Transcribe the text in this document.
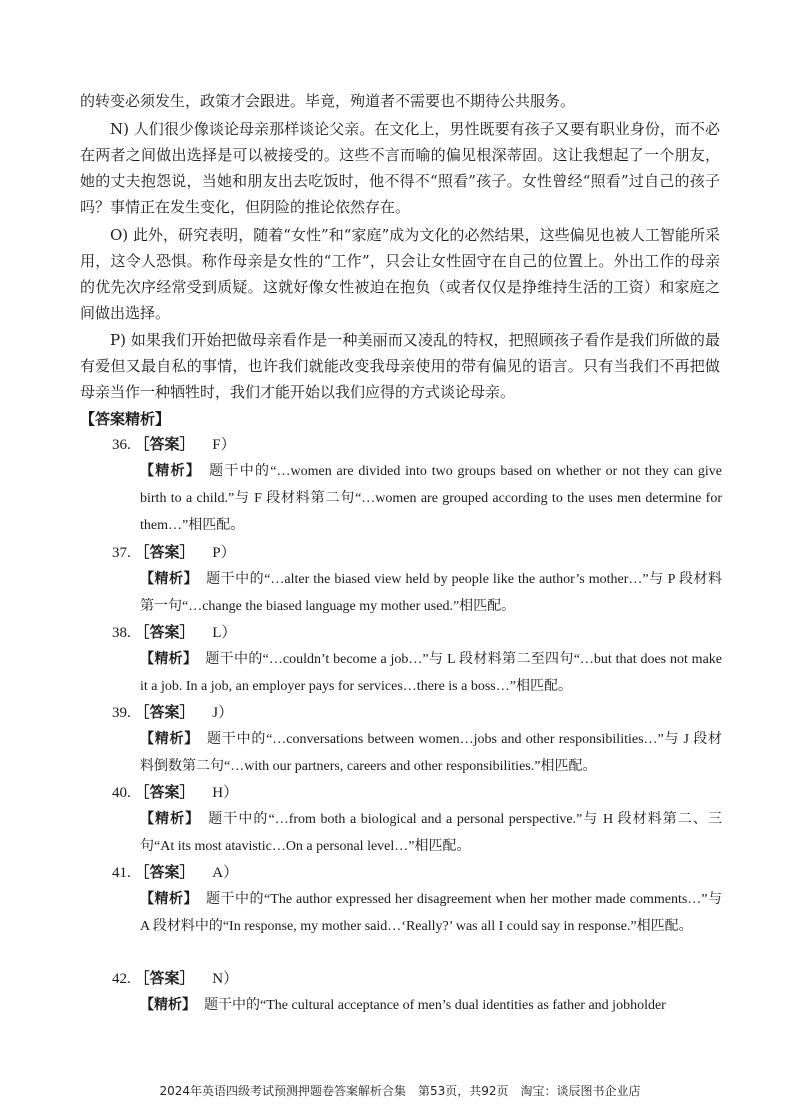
的转变必须发生，政策才会跟进。毕竟，殉道者不需要也不期待公共服务。

N) 人们很少像谈论母亲那样谈论父亲。在文化上，男性既要有孩子又要有职业身份，而不必在两者之间做出选择是可以被接受的。这些不言而喻的偏见根深蒂固。这让我想起了一个朋友，她的丈夫抱怨说，当她和朋友出去吃饭时，他不得不“照看”孩子。女性曾经“照看”过自己的孩子吗？事情正在发生变化，但阴险的推论依然存在。

O) 此外，研究表明，随着“女性”和“家庭”成为文化的必然结果，这些偏见也被人工智能所采用，这令人恐惧。称作母亲是女性的“工作”，只会让女性固守在自己的位置上。外出工作的母亲的优先次序经常受到质疑。这就好像女性被迫在抱负（或者仅仅是挣维持生活的工资）和家庭之间做出选择。

P) 如果我们开始把做母亲看作是一种美丽而又凌乱的特权，把照顾孩子看作是我们所做的最有爱但又最自私的事情，也许我们就能改变我母亲使用的带有偏见的语言。只有当我们不再把做母亲当作一种牺牲时，我们才能开始以我们应得的方式谈论母亲。

【答案精析】
36. ［答案］ F）
【精析】 题干中的“…women are divided into two groups based on whether or not they can give birth to a child.”与 F 段材料第二句“…women are grouped according to the uses men determine for them…”相匹配。
37. ［答案］ P）
【精析】 题干中的“…alter the biased view held by people like the author’s mother…”与 P 段材料第一句“…change the biased language my mother used.”相匹配。
38. ［答案］ L）
【精析】 题干中的“…couldn’t become a job…”与 L 段材料第二至四句“…but that does not make it a job. In a job, an employer pays for services…there is a boss…”相匹配。
39. ［答案］ J）
【精析】 题干中的“…conversations between women…jobs and other responsibilities…”与 J 段材料倒数第二句“…with our partners, careers and other responsibilities.”相匹配。
40. ［答案］ H）
【精析】 题干中的“…from both a biological and a personal perspective.”与 H 段材料第二、三句“At its most atavistic…On a personal level…”相匹配。
41. ［答案］ A）
【精析】 题干中的“The author expressed her disagreement when her mother made comments…”与 A 段材料中的“In response, my mother said…‘Really?’ was all I could say in response.”相匹配。
42. ［答案］ N）
【精析】 题干中的“The cultural acceptance of men’s dual identities as father and jobholder
2024年英语四级考试预测押题卷答案解析合集　第53页，共92页　淘宝：谈辰图书企业店
